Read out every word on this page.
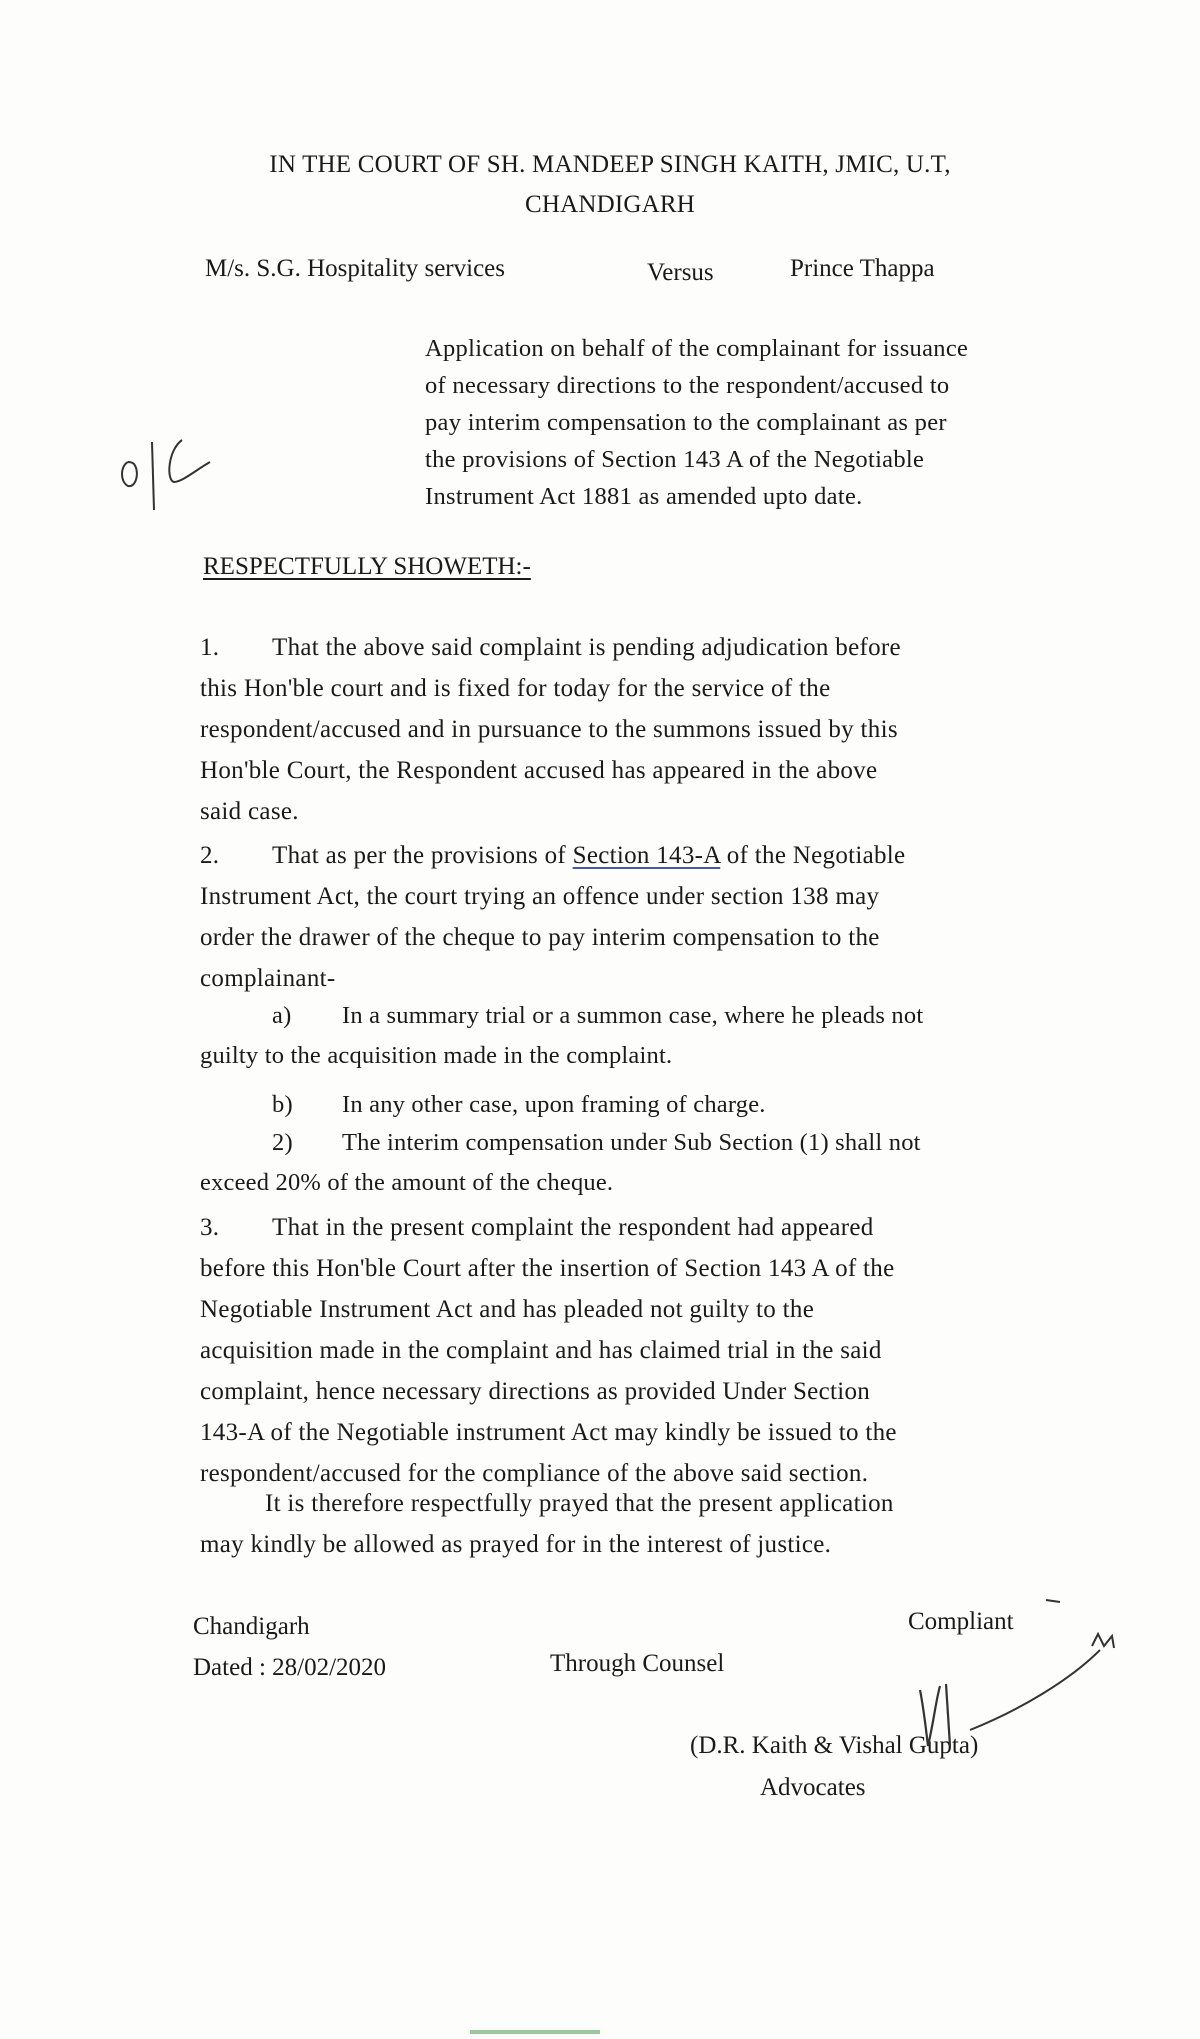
IN THE COURT OF SH. MANDEEP SINGH KAITH, JMIC, U.T,
CHANDIGARH
M/s. S.G. Hospitality services	Versus	Prince Thappa
Application on behalf of the complainant for issuance
of necessary directions to the respondent/accused to
pay interim compensation to the complainant as per
the provisions of Section 143 A of the Negotiable
Instrument Act 1881 as amended upto date.
RESPECTFULLY SHOWETH:-
1. That the above said complaint is pending adjudication before
this Hon'ble court and is fixed for today for the service of the
respondent/accused and in pursuance to the summons issued by this
Hon'ble Court, the Respondent accused has appeared in the above
said case.
2. That as per the provisions of Section 143-A of the Negotiable
Instrument Act, the court trying an offence under section 138 may
order the drawer of the cheque to pay interim compensation to the
complainant-
a) In a summary trial or a summon case, where he pleads not
guilty to the acquisition made in the complaint.
b) In any other case, upon framing of charge.
2) The interim compensation under Sub Section (1) shall not
exceed 20% of the amount of the cheque.
3. That in the present complaint the respondent had appeared
before this Hon'ble Court after the insertion of Section 143 A of the
Negotiable Instrument Act and has pleaded not guilty to the
acquisition made in the complaint and has claimed trial in the said
complaint, hence necessary directions as provided Under Section
143-A of the Negotiable instrument Act may kindly be issued to the
respondent/accused for the compliance of the above said section.
It is therefore respectfully prayed that the present application
may kindly be allowed as prayed for in the interest of justice.
Chandigarh
Dated : 28/02/2020	Through Counsel
Compliant
(D.R. Kaith & Vishal Gupta)
Advocates
